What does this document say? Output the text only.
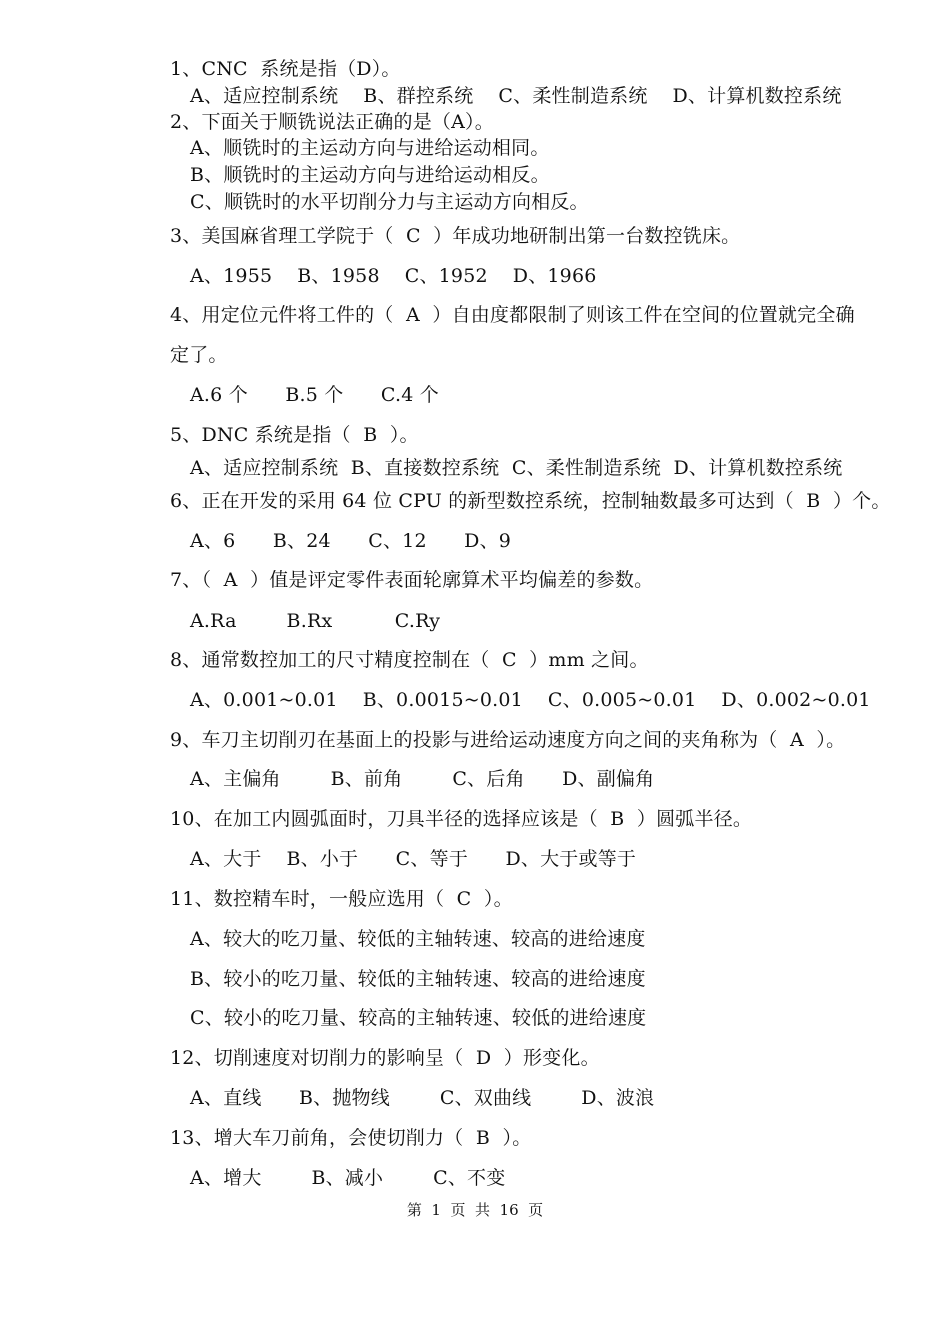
1、CNC  系统是指（D）。
A、适应控制系统    B、群控系统    C、柔性制造系统    D、计算机数控系统
2、下面关于顺铣说法正确的是（A）。
A、顺铣时的主运动方向与进给运动相同。
B、顺铣时的主运动方向与进给运动相反。
C、顺铣时的水平切削分力与主运动方向相反。
3、美国麻省理工学院于（  C  ）年成功地研制出第一台数控铣床。
A、1955    B、1958    C、1952    D、1966
4、用定位元件将工件的（  A  ）自由度都限制了则该工件在空间的位置就完全确
定了。
A.6 个      B.5 个      C.4 个
5、DNC 系统是指（  B  ）。
A、适应控制系统  B、直接数控系统  C、柔性制造系统  D、计算机数控系统
6、正在开发的采用 64 位 CPU 的新型数控系统，控制轴数最多可达到（  B  ）个。
A、6      B、24      C、12      D、9
7、（  A  ）值是评定零件表面轮廓算术平均偏差的参数。
A.Ra        B.Rx          C.Ry
8、通常数控加工的尺寸精度控制在（  C  ）mm 之间。
A、0.001~0.01    B、0.0015~0.01    C、0.005~0.01    D、0.002~0.01
9、车刀主切削刃在基面上的投影与进给运动速度方向之间的夹角称为（  A  ）。
A、主偏角        B、前角        C、后角      D、副偏角
10、在加工内圆弧面时，刀具半径的选择应该是（  B  ）圆弧半径。
A、大于    B、小于      C、等于      D、大于或等于
11、数控精车时，一般应选用（  C  ）。
A、较大的吃刀量、较低的主轴转速、较高的进给速度
B、较小的吃刀量、较低的主轴转速、较高的进给速度
C、较小的吃刀量、较高的主轴转速、较低的进给速度
12、切削速度对切削力的影响呈（  D  ）形变化。
A、直线      B、抛物线        C、双曲线        D、波浪
13、增大车刀前角，会使切削力（  B  ）。
A、增大        B、减小        C、不变
第  1  页  共  16  页
